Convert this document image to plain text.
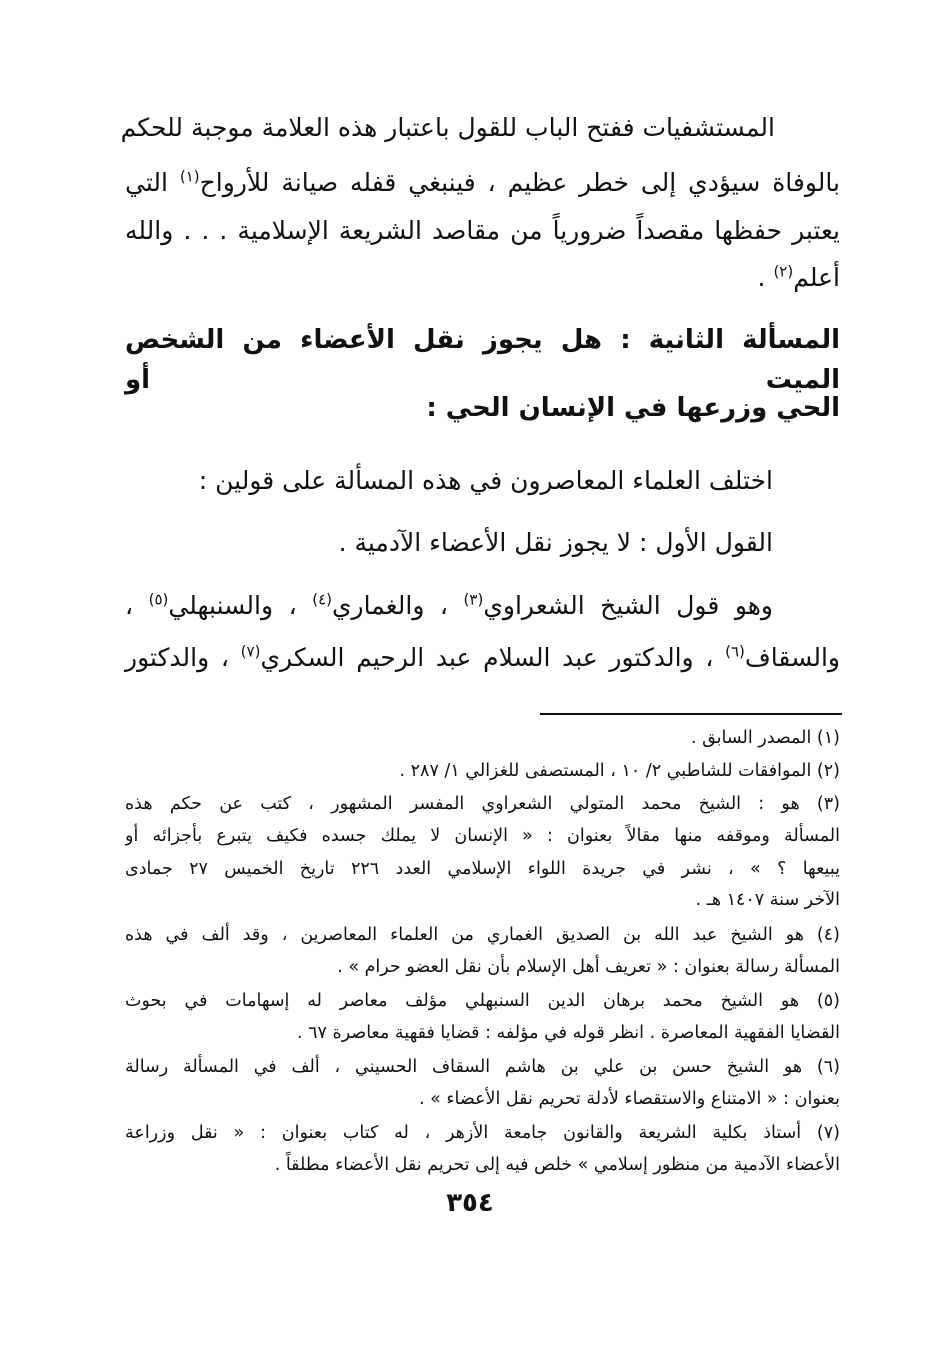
المستشفيات ففتح الباب للقول باعتبار هذه العلامة موجبة للحكم
بالوفاة سيؤدي إلى خطر عظيم ، فينبغي قفله صيانة للأرواح$^{(١)}$ التي
يعتبر حفظها مقصداً ضرورياً من مقاصد الشريعة الإسلامية . . . والله
أعلم$^{(٢)}$ .
المسألة الثانية : هل يجوز نقل الأعضاء من الشخص الميت أو
الحي وزرعها في الإنسان الحي :
اختلف العلماء المعاصرون في هذه المسألة على قولين :
القول الأول : لا يجوز نقل الأعضاء الآدمية .
وهو قول الشيخ الشعراوي$^{(٣)}$ ، والغماري$^{(٤)}$ ، والسنبهلي$^{(٥)}$ ،
والسقاف$^{(٦)}$ ، والدكتور عبد السلام عبد الرحيم السكري$^{(٧)}$ ، والدكتور
(١) المصدر السابق .
(٢) الموافقات للشاطبي ٢/ ١٠ ، المستصفى للغزالي ١/ ٢٨٧ .
(٣) هو : الشيخ محمد المتولي الشعراوي المفسر المشهور ، كتب عن حكم هذه
المسألة وموقفه منها مقالاً بعنوان : « الإنسان لا يملك جسده فكيف يتبرع بأجزائه أو
يبيعها ؟ » ، نشر في جريدة اللواء الإسلامي العدد ٢٢٦ تاريخ الخميس ٢٧ جمادى
الآخر سنة ١٤٠٧ هـ .
(٤) هو الشيخ عبد الله بن الصديق الغماري من العلماء المعاصرين ، وقد ألف في هذه
المسألة رسالة بعنوان : « تعريف أهل الإسلام بأن نقل العضو حرام » .
(٥) هو الشيخ محمد برهان الدين السنبهلي مؤلف معاصر له إسهامات في بحوث
القضايا الفقهية المعاصرة . انظر قوله في مؤلفه : قضايا فقهية معاصرة ٦٧ .
(٦) هو الشيخ حسن بن علي بن هاشم السقاف الحسيني ، ألف في المسألة رسالة
بعنوان : « الامتناع والاستقصاء لأدلة تحريم نقل الأعضاء » .
(٧) أستاذ بكلية الشريعة والقانون جامعة الأزهر ، له كتاب بعنوان : « نقل وزراعة
الأعضاء الآدمية من منظور إسلامي » خلص فيه إلى تحريم نقل الأعضاء مطلقاً .
٣٥٤
